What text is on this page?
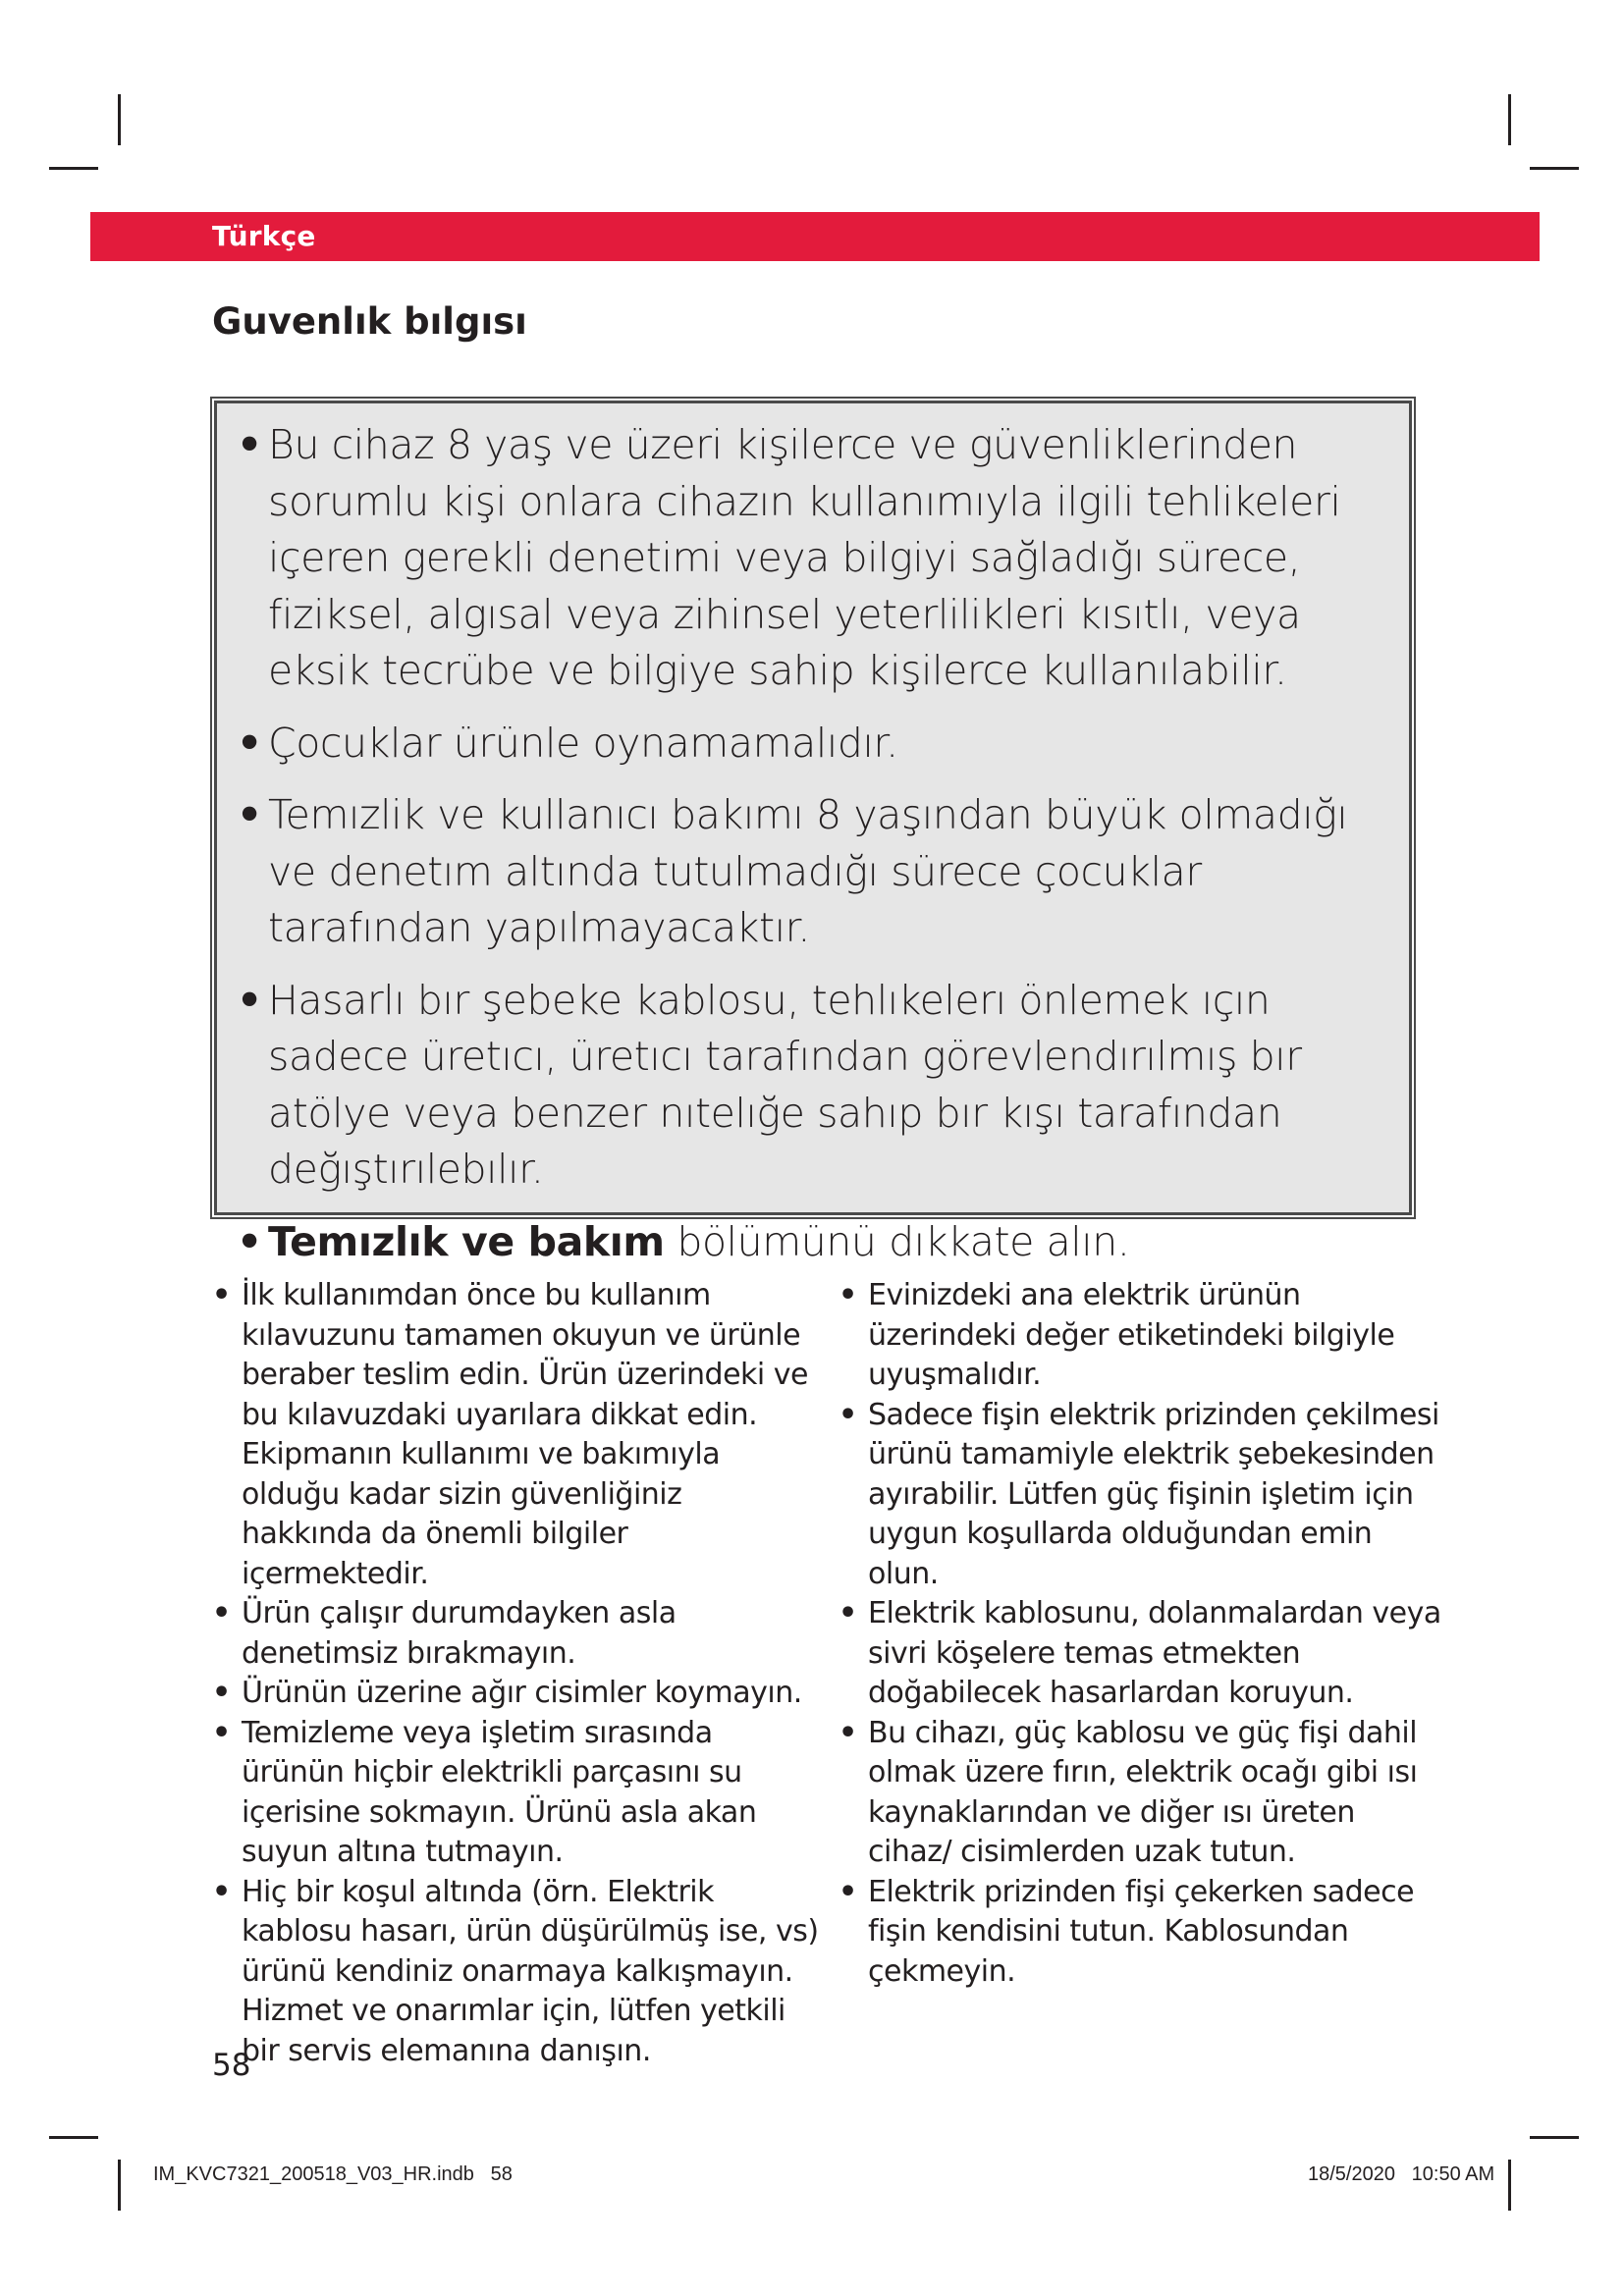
Türkçe
Guvenlık bılgısı
• Bu cihaz 8 yaş ve üzeri kişilerce ve güvenliklerinden sorumlu kişi onlara cihazın kullanımıyla ilgili tehlikeleri içeren gerekli denetimi veya bilgiyi sağladığı sürece, fiziksel, algısal veya zihinsel yeterlilikleri kısıtlı, veya eksik tecrübe ve bilgiye sahip kişilerce kullanılabilir.
• Çocuklar ürünle oynamamalıdır.
• Temızlik ve kullanıcı bakımı 8 yaşından büyük olmadığı ve denetım altında tutulmadığı sürece çocuklar tarafından yapılmayacaktır.
• Hasarlı bır şebeke kablosu, tehlıkelerı önlemek ıçın sadece üretıcı, üretıcı tarafından görevlendırılmış bır atölye veya benzer nıtelığe sahıp bır kışı tarafından değıştırılebılır.
• Temızlık ve bakım bölümünü dıkkate alın.
• İlk kullanımdan önce bu kullanım kılavuzunu tamamen okuyun ve ürünle beraber teslim edin. Ürün üzerindeki ve bu kılavuzdaki uyarılara dikkat edin. Ekipmanın kullanımı ve bakımıyla olduğu kadar sizin güvenliğiniz hakkında da önemli bilgiler içermektedir.
• Ürün çalışır durumdayken asla denetimsiz bırakmayın.
• Ürünün üzerine ağır cisimler koymayın.
• Temizleme veya işletim sırasında ürünün hiçbir elektrikli parçasını su içerisine sokmayın. Ürünü asla akan suyun altına tutmayın.
• Hiç bir koşul altında (örn. Elektrik kablosu hasarı, ürün düşürülmüş ise, vs) ürünü kendiniz onarmaya kalkışmayın. Hizmet ve onarımlar için, lütfen yetkili bir servis elemanına danışın.
• Evinizdeki ana elektrik ürünün üzerindeki değer etiketindeki bilgiyle uyuşmalıdır.
• Sadece fişin elektrik prizinden çekilmesi ürünü tamamiyle elektrik şebekesinden ayırabilir. Lütfen güç fişinin işletim için uygun koşullarda olduğundan emin olun.
• Elektrik kablosunu, dolanmalardan veya sivri köşelere temas etmekten doğabilecek hasarlardan koruyun.
• Bu cihazı, güç kablosu ve güç fişi dahil olmak üzere fırın, elektrik ocağı gibi ısı kaynaklarından ve diğer ısı üreten cihaz/ cisimlerden uzak tutun.
• Elektrik prizinden fişi çekerken sadece fişin kendisini tutun. Kablosundan çekmeyin.
58
IM_KVC7321_200518_V03_HR.indb   58	18/5/2020   10:50 AM
